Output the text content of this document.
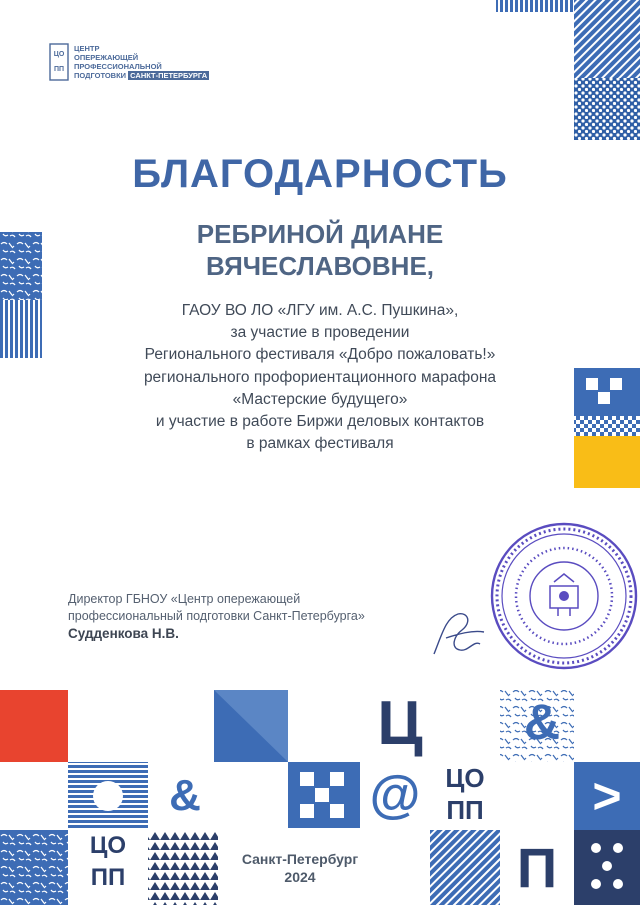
Ц &
&	@	>
П
ЦО
ПП
ЦО
ПП
ЦО ПП
ЦЕНТР
ОПЕРЕЖАЮЩЕЙ
ПРОФЕССИОНАЛЬНОЙ
ПОДГОТОВКИ САНКТ-ПЕТЕРБУРГА
БЛАГОДАРНОСТЬ
РЕБРИНОЙ ДИАНЕ
ВЯЧЕСЛАВОВНЕ,
ГАОУ ВО ЛО «ЛГУ им. А.С. Пушкина»,
за участие в проведении
Регионального фестиваля «Добро пожаловать!»
регионального профориентационного марафона
«Мастерские будущего»
и участие в работе Биржи деловых контактов
в рамках фестиваля
Директор ГБНОУ «Центр опережающей
профессиональный подготовки Санкт-Петербурга»
Судденкова Н.В.
Санкт-Петербург
2024
